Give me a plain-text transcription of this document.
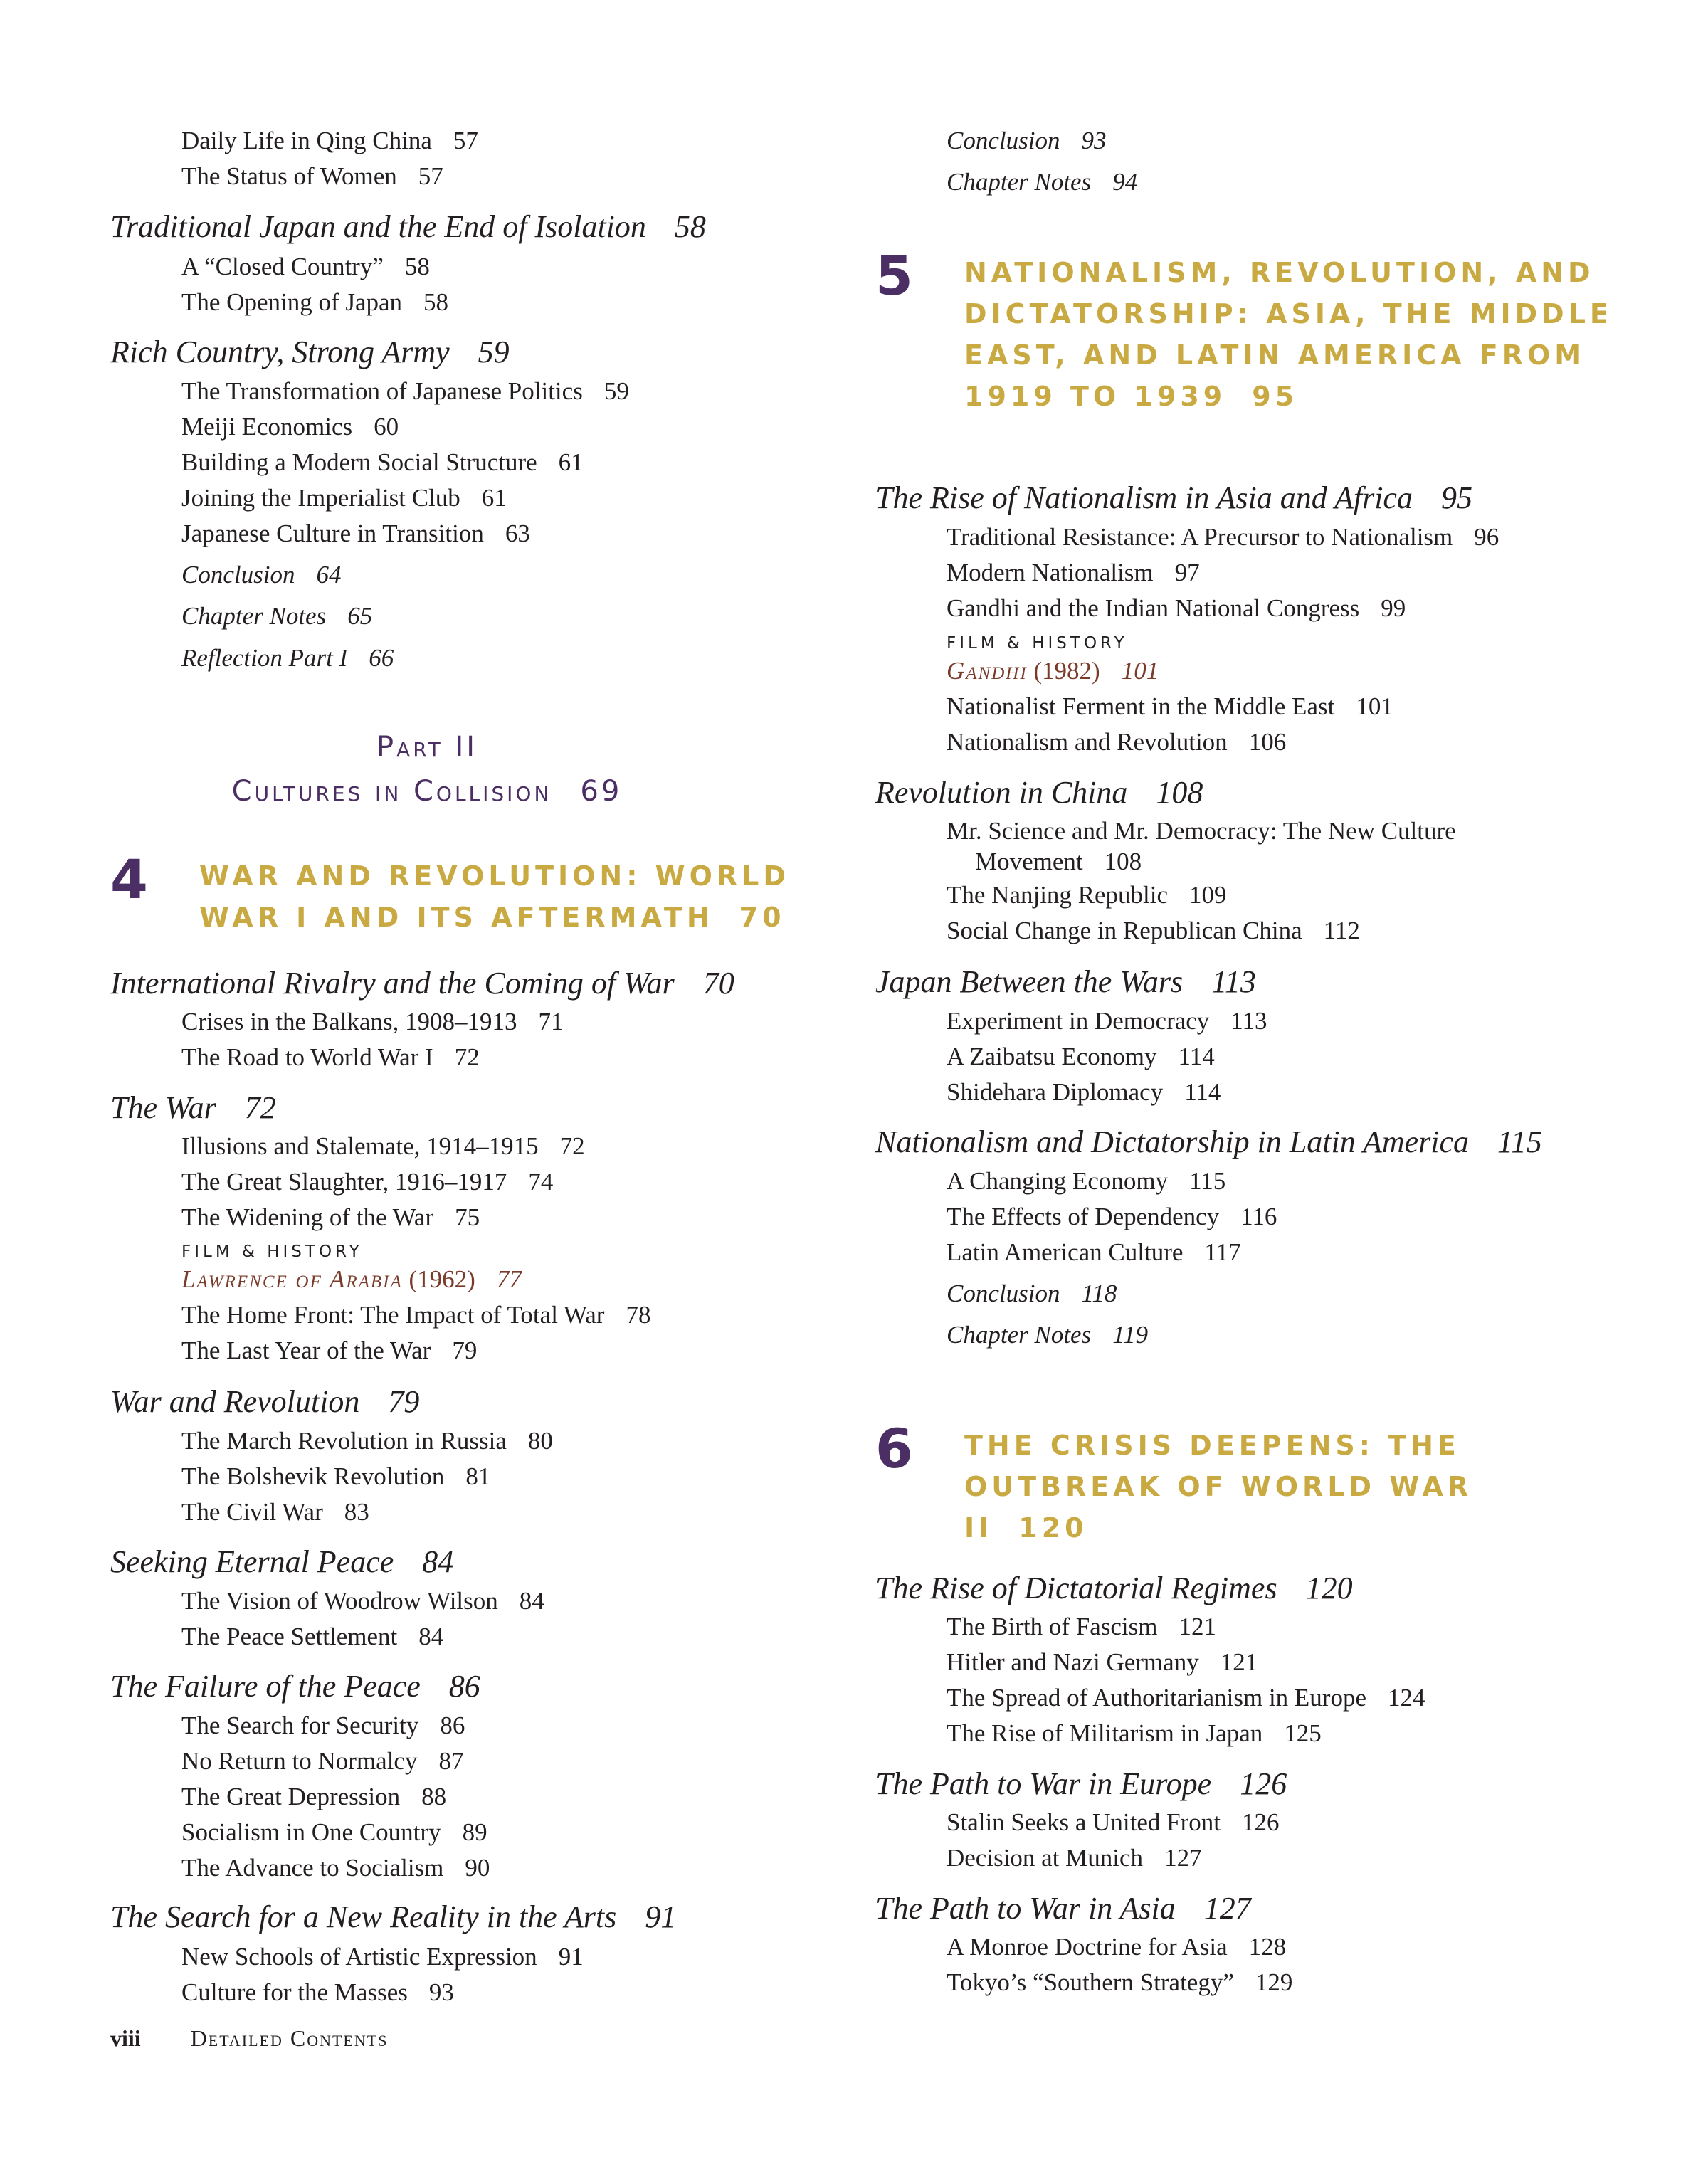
Daily Life in Qing China 57
The Status of Women 57
Traditional Japan and the End of Isolation 58
A “Closed Country” 58
The Opening of Japan 58
Rich Country, Strong Army 59
The Transformation of Japanese Politics 59
Meiji Economics 60
Building a Modern Social Structure 61
Joining the Imperialist Club 61
Japanese Culture in Transition 63
Conclusion 64
Chapter Notes 65
Reflection Part I 66
Part II
Cultures in Collision 69
4 WAR AND REVOLUTION: WORLD WAR I AND ITS AFTERMATH 70
International Rivalry and the Coming of War 70
Crises in the Balkans, 1908–1913 71
The Road to World War I 72
The War 72
Illusions and Stalemate, 1914–1915 72
The Great Slaughter, 1916–1917 74
The Widening of the War 75
FILM & HISTORY
Lawrence of Arabia (1962) 77
The Home Front: The Impact of Total War 78
The Last Year of the War 79
War and Revolution 79
The March Revolution in Russia 80
The Bolshevik Revolution 81
The Civil War 83
Seeking Eternal Peace 84
The Vision of Woodrow Wilson 84
The Peace Settlement 84
The Failure of the Peace 86
The Search for Security 86
No Return to Normalcy 87
The Great Depression 88
Socialism in One Country 89
The Advance to Socialism 90
The Search for a New Reality in the Arts 91
New Schools of Artistic Expression 91
Culture for the Masses 93
Conclusion 93
Chapter Notes 94
5 NATIONALISM, REVOLUTION, AND DICTATORSHIP: ASIA, THE MIDDLE EAST, AND LATIN AMERICA FROM 1919 TO 1939 95
The Rise of Nationalism in Asia and Africa 95
Traditional Resistance: A Precursor to Nationalism 96
Modern Nationalism 97
Gandhi and the Indian National Congress 99
FILM & HISTORY
Gandhi (1982) 101
Nationalist Ferment in the Middle East 101
Nationalism and Revolution 106
Revolution in China 108
Mr. Science and Mr. Democracy: The New Culture
Movement 108
The Nanjing Republic 109
Social Change in Republican China 112
Japan Between the Wars 113
Experiment in Democracy 113
A Zaibatsu Economy 114
Shidehara Diplomacy 114
Nationalism and Dictatorship in Latin America 115
A Changing Economy 115
The Effects of Dependency 116
Latin American Culture 117
Conclusion 118
Chapter Notes 119
6 THE CRISIS DEEPENS: THE OUTBREAK OF WORLD WAR II 120
The Rise of Dictatorial Regimes 120
The Birth of Fascism 121
Hitler and Nazi Germany 121
The Spread of Authoritarianism in Europe 124
The Rise of Militarism in Japan 125
The Path to War in Europe 126
Stalin Seeks a United Front 126
Decision at Munich 127
The Path to War in Asia 127
A Monroe Doctrine for Asia 128
Tokyo’s “Southern Strategy” 129
viii Detailed Contents
